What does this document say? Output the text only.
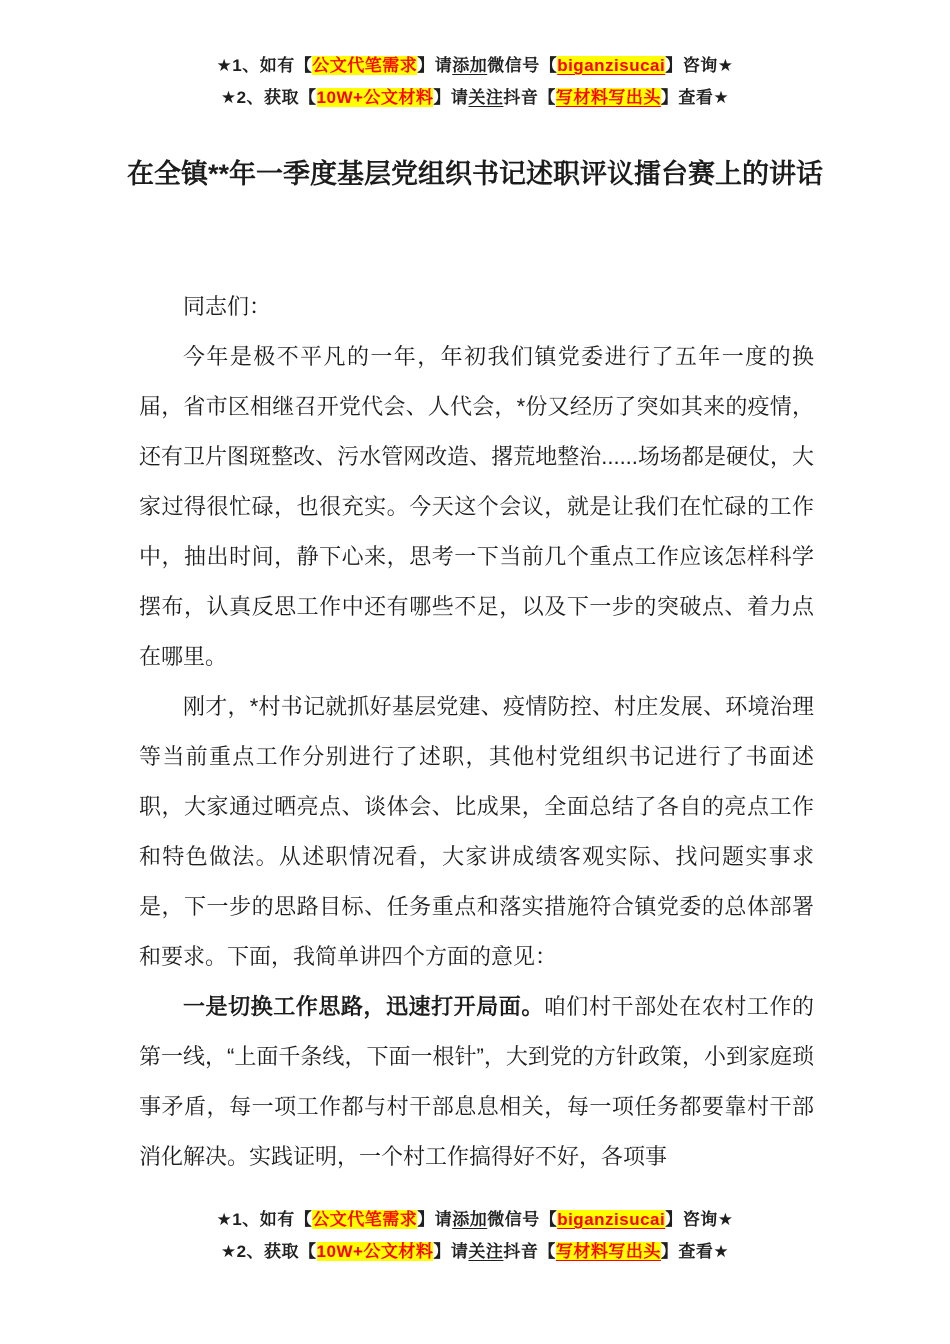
★1、如有【公文代笔需求】请添加微信号【biganzisucai】咨询★
★2、获取【10W+公文材料】请关注抖音【写材料写出头】查看★
在全镇**年一季度基层党组织书记述职评议擂台赛上的讲话

同志们：

今年是极不平凡的一年，年初我们镇党委进行了五年一度的换届，省市区相继召开党代会、人代会，*份又经历了突如其来的疫情，还有卫片图斑整改、污水管网改造、撂荒地整治......场场都是硬仗，大家过得很忙碌，也很充实。今天这个会议，就是让我们在忙碌的工作中，抽出时间，静下心来，思考一下当前几个重点工作应该怎样科学摆布，认真反思工作中还有哪些不足，以及下一步的突破点、着力点在哪里。

刚才，*村书记就抓好基层党建、疫情防控、村庄发展、环境治理等当前重点工作分别进行了述职，其他村党组织书记进行了书面述职，大家通过晒亮点、谈体会、比成果，全面总结了各自的亮点工作和特色做法。从述职情况看，大家讲成绩客观实际、找问题实事求是，下一步的思路目标、任务重点和落实措施符合镇党委的总体部署和要求。下面，我简单讲四个方面的意见：

一是切换工作思路，迅速打开局面。咱们村干部处在农村工作的第一线，“上面千条线，下面一根针”，大到党的方针政策，小到家庭琐事矛盾，每一项工作都与村干部息息相关，每一项任务都要靠村干部消化解决。实践证明，一个村工作搞得好不好，各项事

★1、如有【公文代笔需求】请添加微信号【biganzisucai】咨询★
★2、获取【10W+公文材料】请关注抖音【写材料写出头】查看★
